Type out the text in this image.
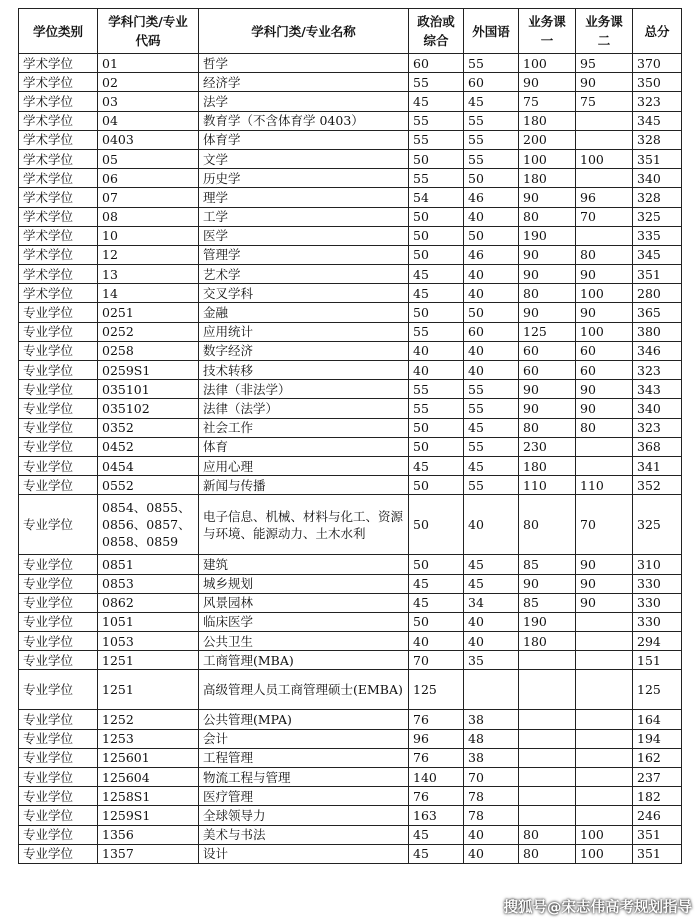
学位类别	学科门类/专业代码	学科门类/专业名称	政治或综合	外国语	业务课一	业务课二	总分
学术学位	01	哲学	60	55	100	95	370
学术学位	02	经济学	55	60	90	90	350
学术学位	03	法学	45	45	75	75	323
学术学位	04	教育学（不含体育学 0403）	55	55	180		345
学术学位	0403	体育学	55	55	200		328
学术学位	05	文学	50	55	100	100	351
学术学位	06	历史学	55	50	180		340
学术学位	07	理学	54	46	90	96	328
学术学位	08	工学	50	40	80	70	325
学术学位	10	医学	50	50	190		335
学术学位	12	管理学	50	46	90	80	345
学术学位	13	艺术学	45	40	90	90	351
学术学位	14	交叉学科	45	40	80	100	280
专业学位	0251	金融	50	50	90	90	365
专业学位	0252	应用统计	55	60	125	100	380
专业学位	0258	数字经济	40	40	60	60	346
专业学位	0259S1	技术转移	40	40	60	60	323
专业学位	035101	法律（非法学）	55	55	90	90	343
专业学位	035102	法律（法学）	55	55	90	90	340
专业学位	0352	社会工作	50	45	80	80	323
专业学位	0452	体育	50	55	230		368
专业学位	0454	应用心理	45	45	180		341
专业学位	0552	新闻与传播	50	55	110	110	352
专业学位	0854、0855、0856、0857、0858、0859	电子信息、机械、材料与化工、资源与环境、能源动力、土木水利	50	40	80	70	325
专业学位	0851	建筑	50	45	85	90	310
专业学位	0853	城乡规划	45	45	90	90	330
专业学位	0862	风景园林	45	34	85	90	330
专业学位	1051	临床医学	50	40	190		330
专业学位	1053	公共卫生	40	40	180		294
专业学位	1251	工商管理(MBA)	70	35			151
专业学位	1251	高级管理人员工商管理硕士(EMBA)	125				125
专业学位	1252	公共管理(MPA)	76	38			164
专业学位	1253	会计	96	48			194
专业学位	125601	工程管理	76	38			162
专业学位	125604	物流工程与管理	140	70			237
专业学位	1258S1	医疗管理	76	78			182
专业学位	1259S1	全球领导力	163	78			246
专业学位	1356	美术与书法	45	40	80	100	351
专业学位	1357	设计	45	40	80	100	351
搜狐号@宋志伟高考规划指导
